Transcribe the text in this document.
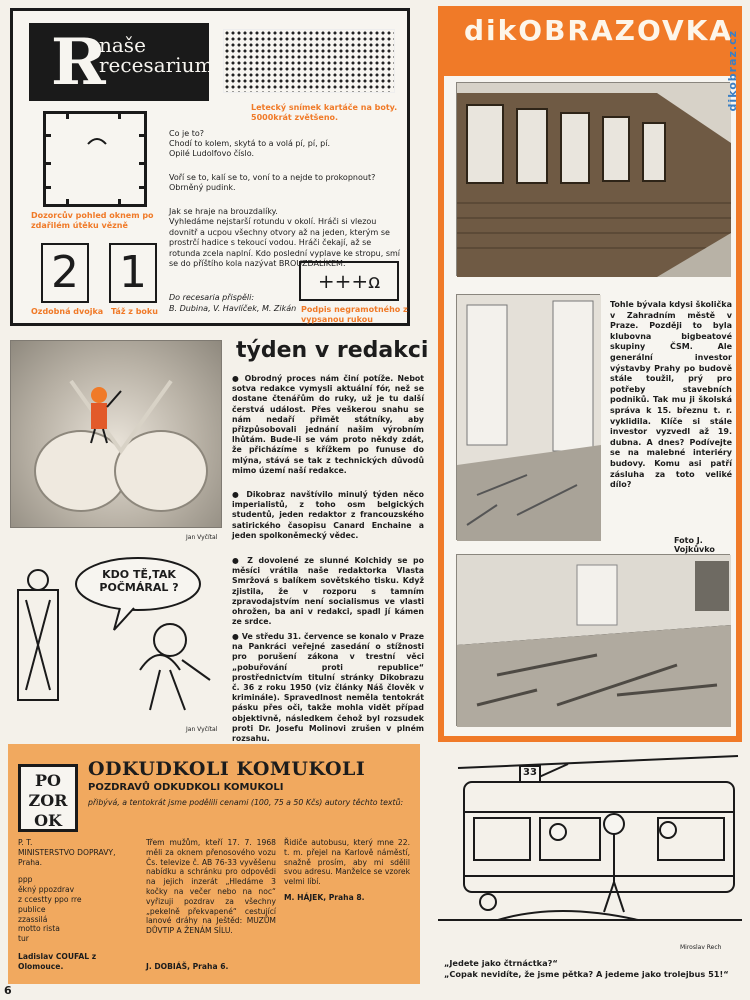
Я
naše recesarium
Letecký snímek kartáče na boty. 5000krát zvětšeno.
Dozorcův pohled oknem po zdařilém útěku vězně
2 1
Ozdobná dvojka Táž z boku
Co je to?
Chodí to kolem, skytá to a volá pí, pí, pí.
Opilé Ludolfovo číslo.
Voří se to, kalí se to, voní to a nejde to prokopnout?
Obrněný pudink.
Jak se hraje na brouzdalíky.
Vyhledáme nejstarší rotundu v okolí. Hráči si vlezou dovnitř a ucpou všechny otvory až na jeden, kterým se prostrčí hadice s tekoucí vodou. Hráči čekají, až se rotunda zcela naplní. Kdo poslední vyplave ke stropu, smí se do příštího kola nazývat BROUZDALÍKEM.
Do recesaria přispěli:
B. Dubina, V. Havlíček, M. Zikán
+++ꭥ
Podpis negramotného z vypsanou rukou
dikOBRAZOVKA
Tohle bývala kdysi školička v Zahradním městě v Praze. Později to byla klubovna bigbeatové skupiny ČSM. Ale generální investor výstavby Prahy po budově stále toužil, prý pro potřeby stavebních podniků. Tak mu ji školská správa k 15. březnu t. r. vyklidila. Klíče si stále investor vyzvedl až 19. dubna. A dnes? Podívejte se na malebné interiéry budovy. Komu asi patří zásluha za toto veliké dílo?
Foto J. Vojkůvko
dikobraz.cz
Jan Vyčítal
týden v redakci
● Obrodný proces nám činí potíže. Nebot sotva redakce vymysli aktuální fór, než se dostane čtenářům do ruky, už je tu další čerstvá událost. Přes veškerou snahu se nám nedaří přimět státníky, aby přizpůsobovali jednání našim výrobním lhůtám. Bude-li se vám proto někdy zdát, že přicházíme s křížkem po funuse do mlýna, stává se tak z technických důvodů mimo území naší redakce.
● Dikobraz navštívilo minulý týden něco imperialistů, z toho osm belgických studentů, jeden redaktor z francouzského satirického časopisu Canard Enchaine a jeden spolkoněmecký vědec.
● Z dovolené ze slunné Kolchidy se po měsíci vrátila naše redaktorka Vlasta Smržová s balíkem sovětského tisku. Když zjistila, že v rozporu s tamním zpravodajstvím není socialismus ve vlasti ohrožen, ba ani v redakci, spadl jí kámen ze srdce.
● Ve středu 31. července se konalo v Praze na Pankráci veřejné zasedání o stížnosti pro porušení zákona v trestní věci „pobuřování proti republice“ prostřednictvím titulní stránky Dikobrazu č. 36 z roku 1950 (viz články Náš člověk v kriminále). Spravedlnost neměla tentokrát pásku přes oči, takže mohla vidět případ objektivně, následkem čehož byl rozsudek proti Dr. Josefu Molinovi zrušen v plném rozsahu.
KDO TĚ,TAK POČMÁRAL ?
Jan Vyčítal
PO ZOR OK
ODKUDKOLI KOMUKOLI
POZDRAVŮ ODKUDKOLI KOMUKOLI
přibývá, a tentokrát jsme podělili cenami (100, 75 a 50 Kčs) autory těchto textů:
P. T.
MINISTERSTVO DOPRAVY,
Praha.
ppp
ěkný ppozdrav
z ccestty ppo rre
publice
zzassilá
motto rista
tur
Ladislav COUFAL z Olomouce.
Třem mužům, kteří 17. 7. 1968 měli za oknem přenosového vozu Čs. televize č. AB 76-33 vyvěšenu nabídku a schránku pro odpovědi na jejich inzerát „Hledáme 3 kočky na večer nebo na noc“ vyřizuji pozdrav za všechny „pekelně překvapené“ cestující lanové dráhy na Ještěd: MUZŮM DŮVTIP A ŽENÁM SÍLU.
J. DOBIÁŠ, Praha 6.
Řidiče autobusu, který mne 22. t. m. přejel na Karlově náměstí, snažně prosím, aby mi sdělil svou adresu. Manželce se vzorek velmi líbí.
M. HÁJEK, Praha 8.
33
Miroslav Rech
„Jedete jako čtrnáctka?“
„Copak nevidíte, že jsme pětka? A jedeme jako trolejbus 51!“
6
